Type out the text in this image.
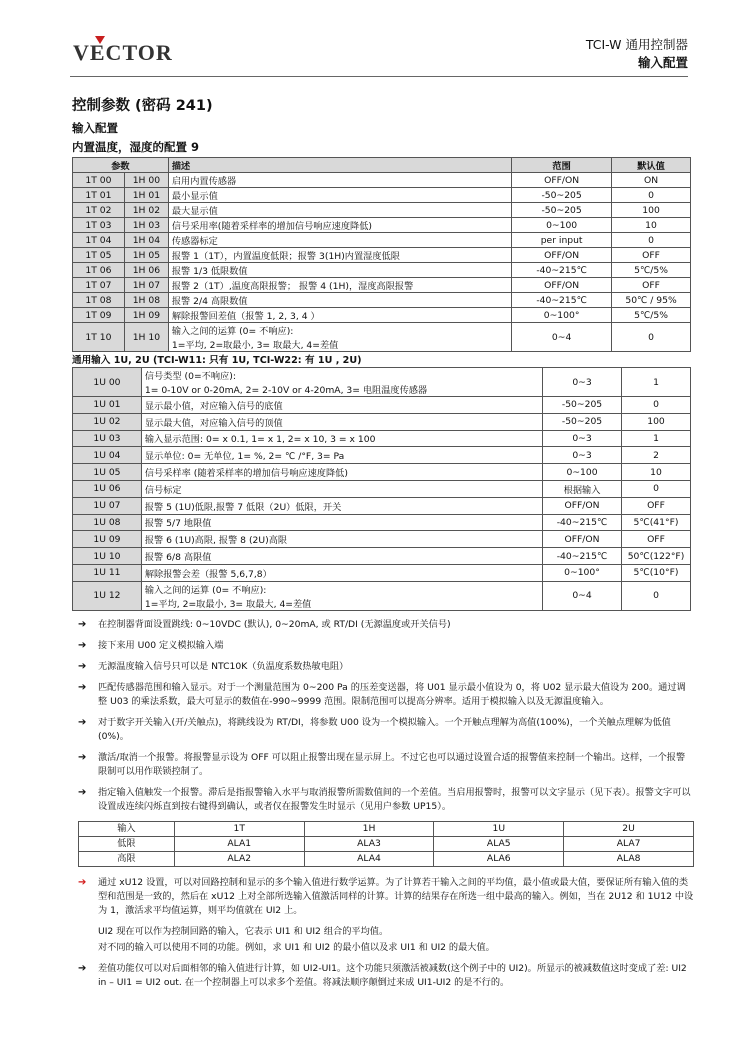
VECTOR	TCI-W 通用控制器
输入配置
控制参数 (密码 241)
输入配置
内置温度，湿度的配置 9
参数		描述	范围	默认值
1T 00	1H 00	启用内置传感器	OFF/ON	ON
1T 01	1H 01	最小显示值	-50~205	0
1T 02	1H 02	最大显示值	-50~205	100
1T 03	1H 03	信号采用率(随着采样率的增加信号响应速度降低)	0~100	10
1T 04	1H 04	传感器标定	per input	0
1T 05	1H 05	报警 1（1T），内置温度低限；报警 3(1H)内置湿度低限	OFF/ON	OFF
1T 06	1H 06	报警 1/3 低限数值	-40~215℃	5℃/5%
1T 07	1H 07	报警 2（1T）,温度高限报警； 报警 4 (1H)，湿度高限报警	OFF/ON	OFF
1T 08	1H 08	报警 2/4 高限数值	-40~215℃	50℃ / 95%
1T 09	1H 09	解除报警回差值（报警 1, 2, 3, 4 ）	0~100°	5℃/5%
1T 10	1H 10	输入之间的运算 (0= 不响应):
1=平均, 2=取最小, 3= 取最大, 4=差值	0~4	0
通用输入 1U, 2U (TCI-W11: 只有 1U, TCI-W22: 有 1U , 2U)
1U 00	信号类型 (0=不响应):
1= 0-10V or 0-20mA, 2= 2-10V or 4-20mA, 3= 电阻温度传感器	0~3	1
1U 01	显示最小值，对应输入信号的底值	-50~205	0
1U 02	显示最大值，对应输入信号的顶值	-50~205	100
1U 03	输入显示范围: 0= x 0.1, 1= x 1, 2= x 10, 3 = x 100	0~3	1
1U 04	显示单位: 0= 无单位, 1= %, 2= ℃ /°F, 3= Pa	0~3	2
1U 05	信号采样率 (随着采样率的增加信号响应速度降低)	0~100	10
1U 06	信号标定	根据输入	0
1U 07	报警 5 (1U)低限,报警 7 低限（2U）低限，开关	OFF/ON	OFF
1U 08	报警 5/7 地限值	-40~215℃	5℃(41°F)
1U 09	报警 6 (1U)高限, 报警 8 (2U)高限	OFF/ON	OFF
1U 10	报警 6/8 高限值	-40~215℃	50℃(122°F)
1U 11	解除报警会差（报警 5,6,7,8）	0~100°	5℃(10°F)
1U 12	输入之间的运算 (0= 不响应):
1=平均, 2=取最小, 3= 取最大, 4=差值	0~4	0
➔ 在控制器背面设置跳线: 0~10VDC (默认), 0~20mA, 或 RT/DI (无源温度或开关信号)
➔ 接下来用 U00 定义模拟输入端
➔ 无源温度输入信号只可以是 NTC10K（负温度系数热敏电阻）
➔ 匹配传感器范围和输入显示。对于一个测量范围为 0~200 Pa 的压差变送器，将 U01 显示最小值设为 0，将 U02 显示最大值设为 200。通过调整 U03 的乘法系数，最大可显示的数值在-990~9999 范围。限制范围可以提高分辨率。适用于模拟输入以及无源温度输入。
➔ 对于数字开关输入(开/关触点)，将跳线设为 RT/DI，将参数 U00 设为一个模拟输入。一个开触点理解为高值(100%)，一个关触点理解为低值(0%)。
➔ 激活/取消一个报警。将报警显示设为 OFF 可以阻止报警出现在显示屏上。不过它也可以通过设置合适的报警值来控制一个输出。这样，一个报警限制可以用作联锁控制了。
➔ 指定输入值触发一个报警。滞后是指报警输入水平与取消报警所需数值间的一个差值。当启用报警时，报警可以文字显示（见下表）。报警文字可以设置成连续闪烁直到按右键得到确认，或者仅在报警发生时显示（见用户参数 UP15）。
输入	1T	1H	1U	2U
低限	ALA1	ALA3	ALA5	ALA7
高限	ALA2	ALA4	ALA6	ALA8
➔ 通过 xU12 设置，可以对回路控制和显示的多个输入值进行数学运算。为了计算若干输入之间的平均值，最小值或最大值，要保证所有输入值的类型和范围是一致的，然后在 xU12 上对全部所选输入值激活同样的计算。计算的结果存在所选一组中最高的输入。例如，当在 2U12 和 1U12 中设为 1，激活求平均值运算，则平均值就在 UI2 上。
UI2 现在可以作为控制回路的输入，它表示 UI1 和 UI2 组合的平均值。
对不同的输入可以使用不同的功能。例如，求 UI1 和 UI2 的最小值以及求 UI1 和 UI2 的最大值。
➔ 差值功能仅可以对后面相邻的输入值进行计算，如 UI2-UI1。这个功能只须激活被减数(这个例子中的 UI2)。所显示的被减数值这时变成了差: UI2 in – UI1 = UI2 out. 在一个控制器上可以求多个差值。将减法顺序颠倒过来成 UI1-UI2 的是不行的。
